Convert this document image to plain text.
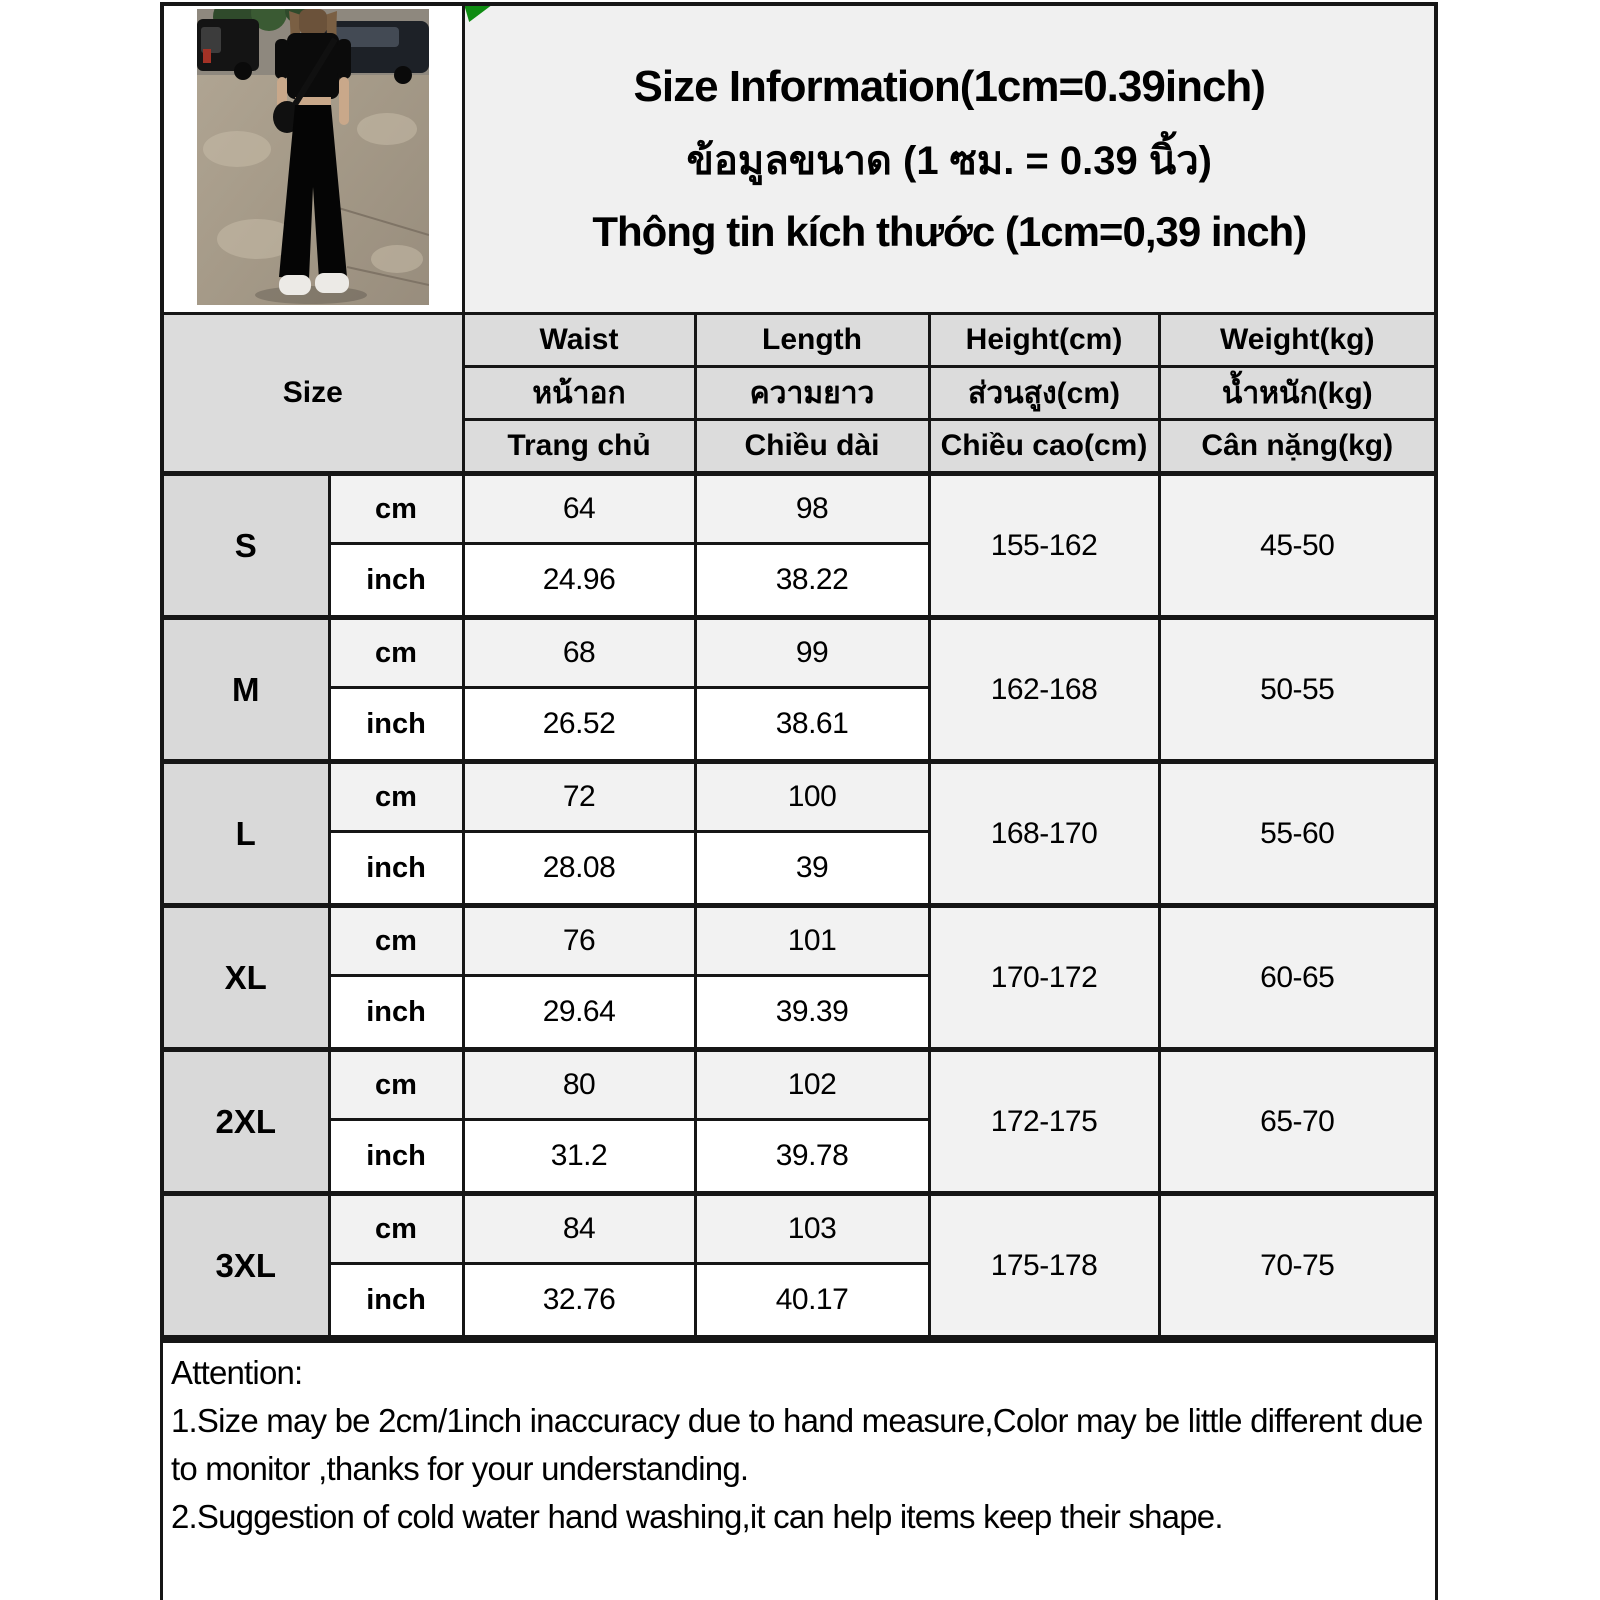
Size Information(1cm=0.39inch)
ข้อมูลขนาด (1 ซม. = 0.39 นิ้ว)
Thông tin kích thước (1cm=0,39 inch)			

Size		Waist	Length	Height(cm)	Weight(kg)
		หน้าอก	ความยาว	ส่วนสูง(cm)	น้ำหนัก(kg)
		Trang chủ	Chiều dài	Chiều cao(cm)	Cân nặng(kg)
S	cm	64	98	155-162	45-50
	inch	24.96	38.22		
M	cm	68	99	162-168	50-55
	inch	26.52	38.61		
L	cm	72	100	168-170	55-60
	inch	28.08	39		
XL	cm	76	101	170-172	60-65
	inch	29.64	39.39		
2XL	cm	80	102	172-175	65-70
	inch	31.2	39.78		
3XL	cm	84	103	175-178	70-75
	inch	32.76	40.17		
Attention:
1.Size may be 2cm/1inch inaccuracy due to hand measure,Color may be little different due to monitor ,thanks for your understanding.
2.Suggestion of cold water hand washing,it can help items keep their shape.
